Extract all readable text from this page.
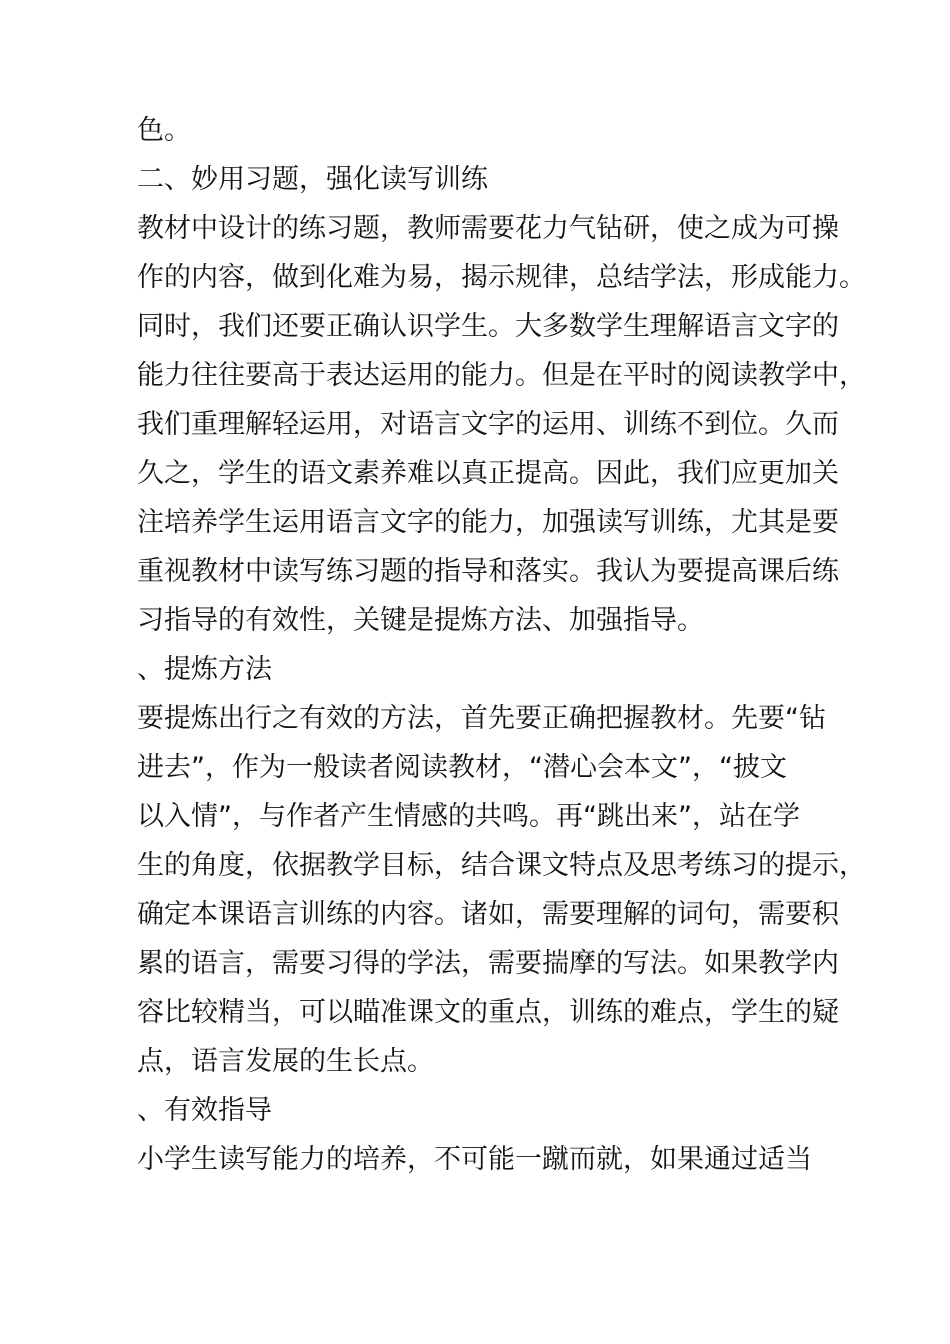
色。
二、妙用习题，强化读写训练
教材中设计的练习题，教师需要花力气钻研，使之成为可操
作的内容，做到化难为易，揭示规律，总结学法，形成能力。
同时，我们还要正确认识学生。大多数学生理解语言文字的
能力往往要高于表达运用的能力。但是在平时的阅读教学中，
我们重理解轻运用，对语言文字的运用、训练不到位。久而
久之，学生的语文素养难以真正提高。因此，我们应更加关
注培养学生运用语言文字的能力，加强读写训练，尤其是要
重视教材中读写练习题的指导和落实。我认为要提高课后练
习指导的有效性，关键是提炼方法、加强指导。
、提炼方法
要提炼出行之有效的方法，首先要正确把握教材。先要“钻
进去”，作为一般读者阅读教材，“潜心会本文”，“披文
以入情”，与作者产生情感的共鸣。再“跳出来”，站在学
生的角度，依据教学目标，结合课文特点及思考练习的提示，
确定本课语言训练的内容。诸如，需要理解的词句，需要积
累的语言，需要习得的学法，需要揣摩的写法。如果教学内
容比较精当，可以瞄准课文的重点，训练的难点，学生的疑
点，语言发展的生长点。
、有效指导
小学生读写能力的培养，不可能一蹴而就，如果通过适当
